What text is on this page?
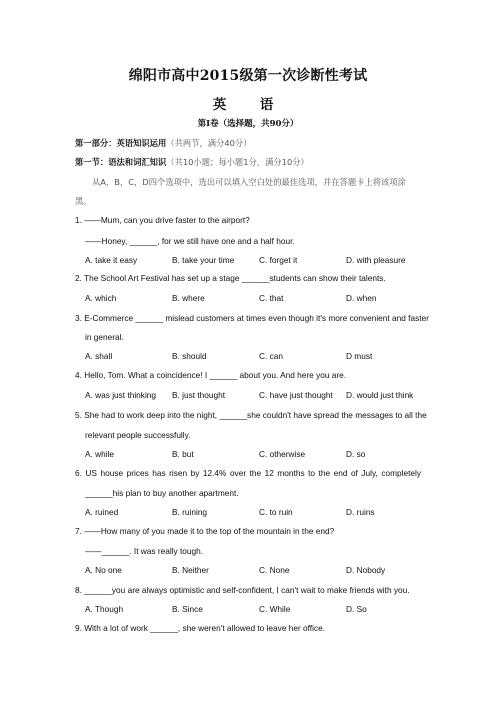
绵阳市高中2015级第一次诊断性考试
英　语
第Ⅰ卷（选择题，共90分）
第一部分：英语知识运用（共两节，满分40分）
第一节：语法和词汇知识（共10小题；每小题1分，满分10分）
从A，B，C，D四个选项中，选出可以填入空白处的最佳选项，并在答题卡上将该项涂
黑。
1. ——Mum, can you drive faster to the airport?
——Honey, ______, for we still have one and a half hour.
A. take it easy	B. take your time	C. forget it	D. with pleasure
2. The School Art Festival has set up a stage ______students can show their talents.
A. which	B. where	C. that	D. when
3. E-Commerce ______ mislead customers at times even though it's more convenient and faster
in general.
A. shall	B. should	C. can	D must
4. Hello, Tom. What a coincidence! I ______ about you. And here you are.
A. was just thinking B. just thought	C. have just thought D. would just think
5. She had to work deep into the night, ______she couldn't have spread the messages to all the
relevant people successfully.
A. while	B. but	C. otherwise	D. so
6. US house prices has risen by 12.4% over the 12 months to the end of July, completely
______his plan to buy another apartment.
A. ruined	B. ruining	C. to ruin	D. ruins
7. ——How many of you made it to the top of the mountain in the end?
——______. It was really tough.
A. No one	B. Neither	C. None	D. Nobody
8. ______you are always optimistic and self-confident, I can't wait to make friends with you.
A. Though	B. Since	C. While	D. So
9. With a lot of work ______, she weren't allowed to leave her office.
